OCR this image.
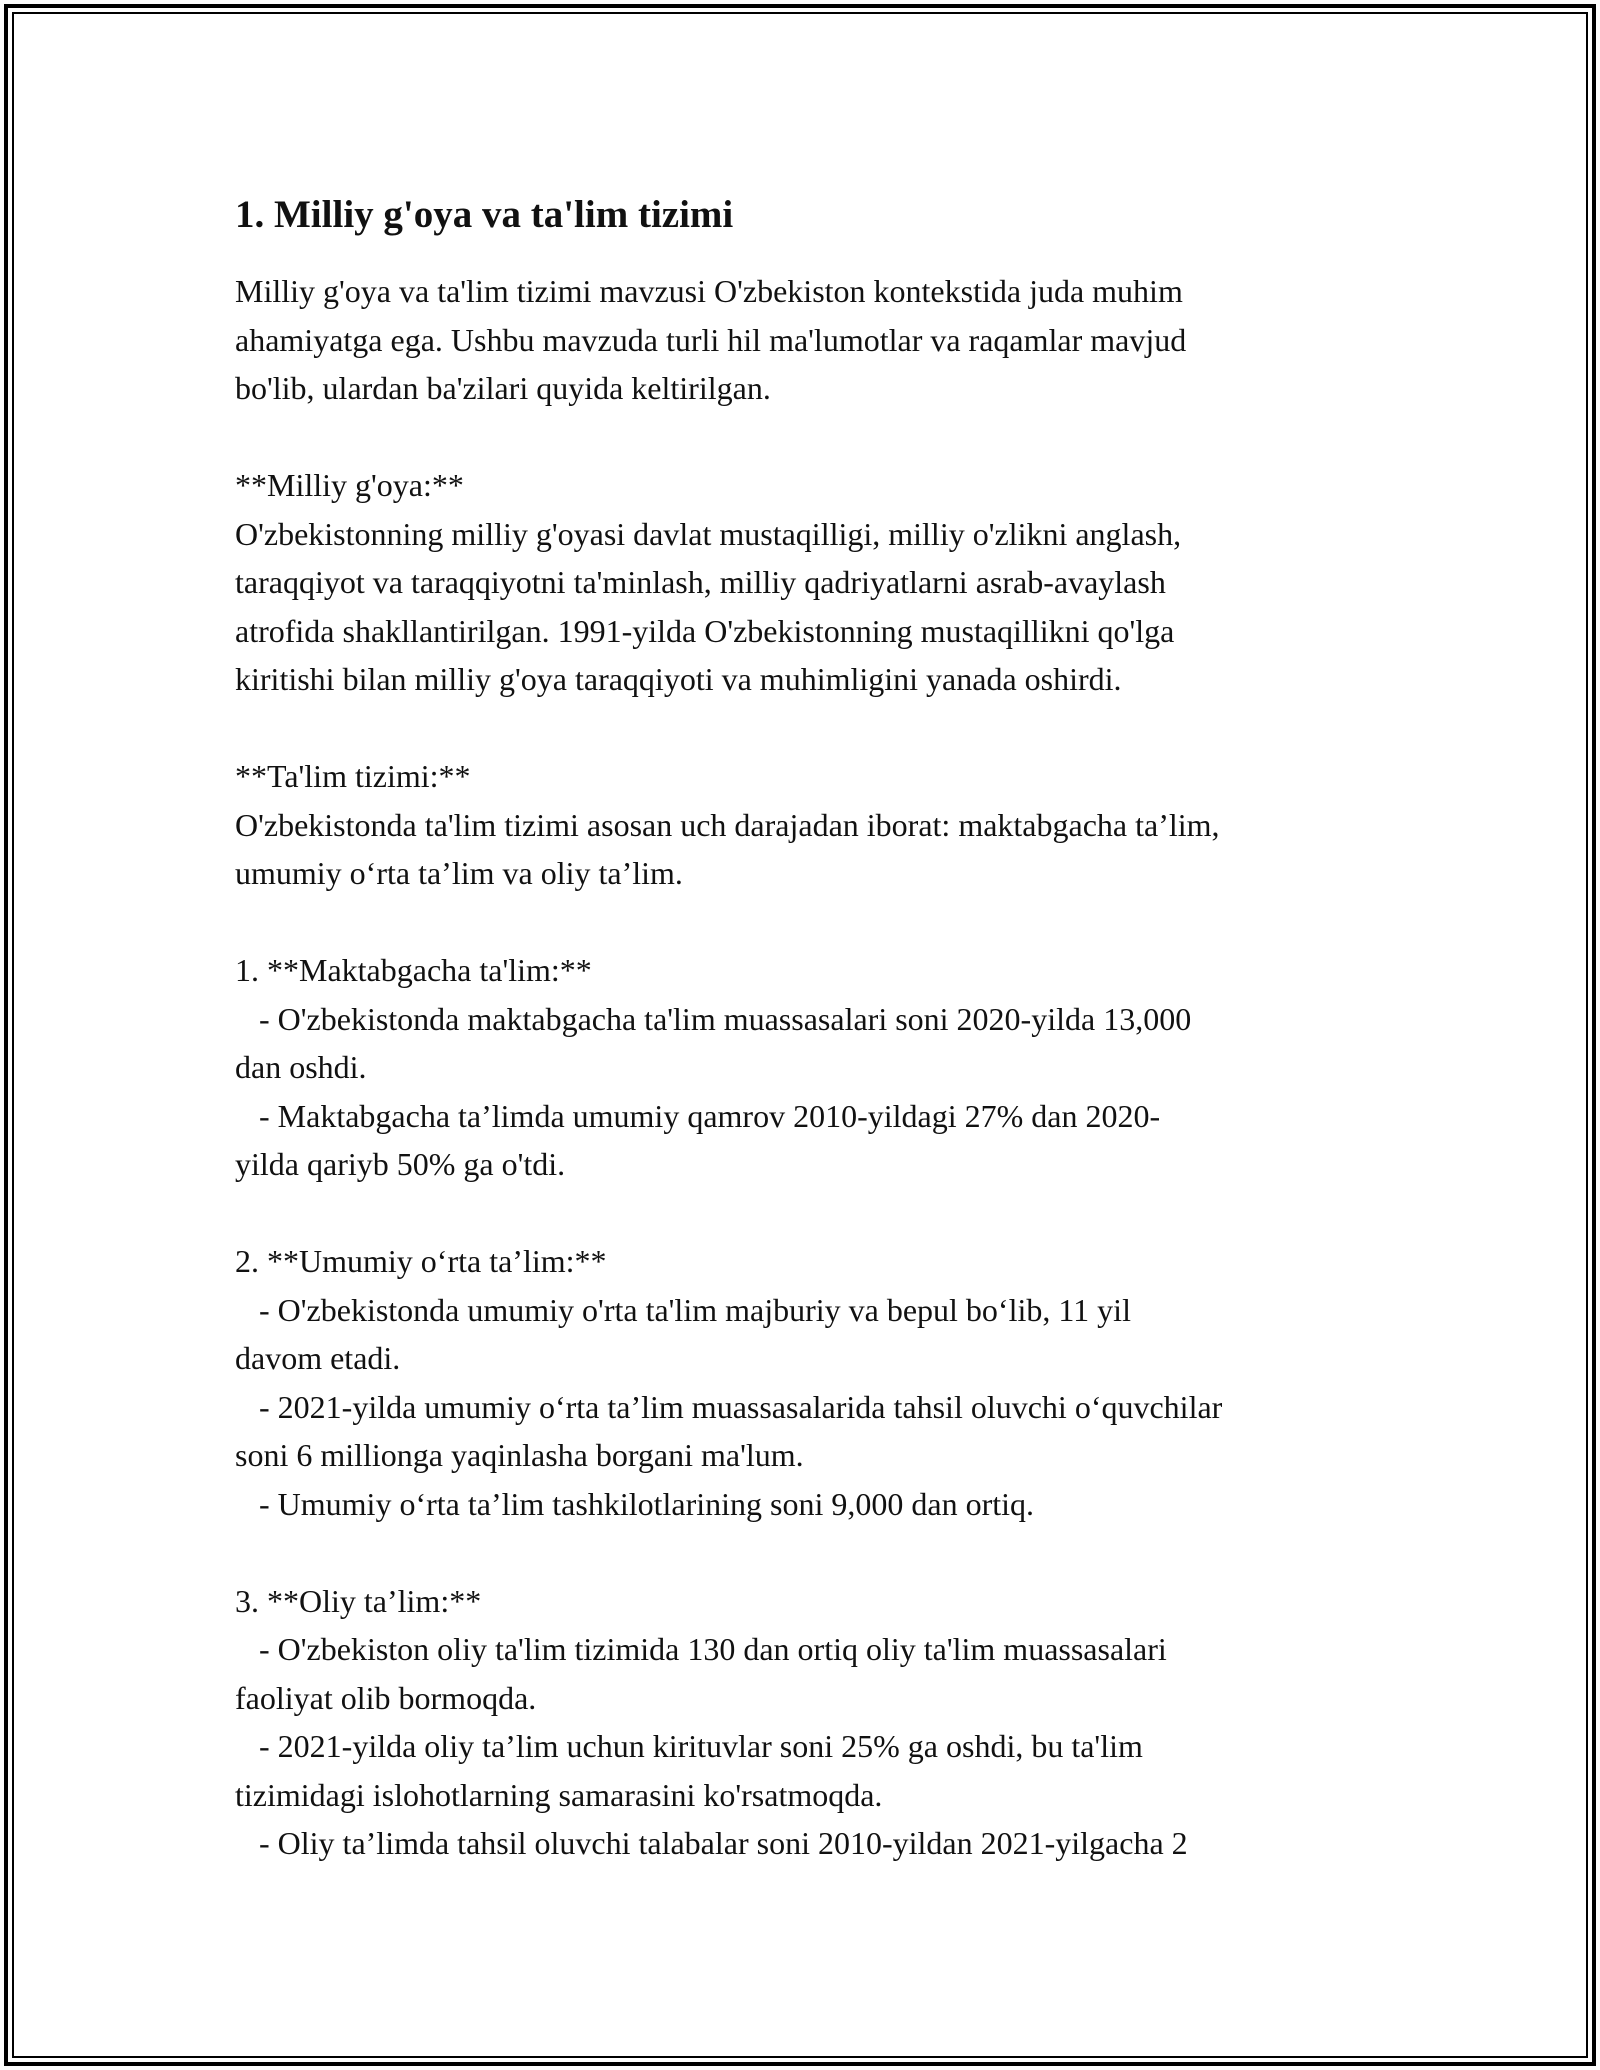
1. Milliy g'oya va ta'lim tizimi

Milliy g'oya va ta'lim tizimi mavzusi O'zbekiston kontekstida juda muhim
ahamiyatga ega. Ushbu mavzuda turli hil ma'lumotlar va raqamlar mavjud
bo'lib, ulardan ba'zilari quyida keltirilgan.

**Milliy g'oya:**

O'zbekistonning milliy g'oyasi davlat mustaqilligi, milliy o'zlikni anglash,
taraqqiyot va taraqqiyotni ta'minlash, milliy qadriyatlarni asrab-avaylash
atrofida shakllantirilgan. 1991-yilda O'zbekistonning mustaqillikni qo'lga
kiritishi bilan milliy g'oya taraqqiyoti va muhimligini yanada oshirdi.

**Ta'lim tizimi:**

O'zbekistonda ta'lim tizimi asosan uch darajadan iborat: maktabgacha ta’lim,
umumiy o‘rta ta’lim va oliy ta’lim.

1. **Maktabgacha ta'lim:**

- O'zbekistonda maktabgacha ta'lim muassasalari soni 2020-yilda 13,000
dan oshdi.
- Maktabgacha ta’limda umumiy qamrov 2010-yildagi 27% dan 2020-
yilda qariyb 50% ga o'tdi.

2. **Umumiy o‘rta ta’lim:**

- O'zbekistonda umumiy o'rta ta'lim majburiy va bepul bo‘lib, 11 yil
davom etadi.
- 2021-yilda umumiy o‘rta ta’lim muassasalarida tahsil oluvchi o‘quvchilar
soni 6 millionga yaqinlasha borgani ma'lum.
- Umumiy o‘rta ta’lim tashkilotlarining soni 9,000 dan ortiq.

3. **Oliy ta’lim:**

- O'zbekiston oliy ta'lim tizimida 130 dan ortiq oliy ta'lim muassasalari
faoliyat olib bormoqda.
- 2021-yilda oliy ta’lim uchun kirituvlar soni 25% ga oshdi, bu ta'lim
tizimidagi islohotlarning samarasini ko'rsatmoqda.
- Oliy ta’limda tahsil oluvchi talabalar soni 2010-yildan 2021-yilgacha 2
